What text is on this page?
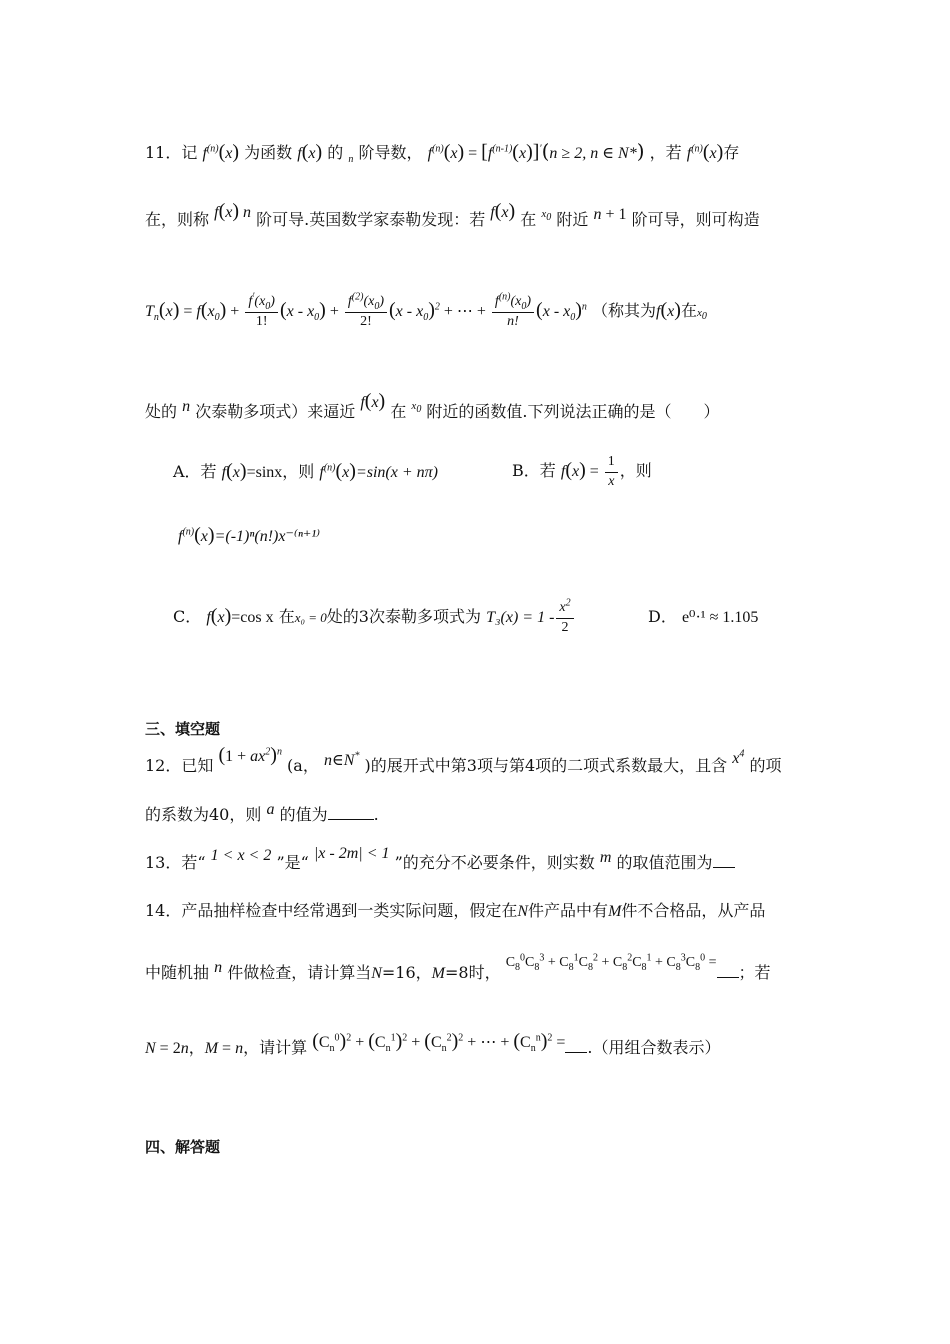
11．记 $f^{(n)}(x)$ 为函数 f(x) 的 $_n$ 阶导数， $f^{(n)}(x) = [f^{(n-1)}(x)]'(n \ge 2$, n ∈ N*) ，若 $f^{(n)}(x)$存
在，则称 f(x) n 阶可导.英国数学家泰勒发现：若 f(x) 在 $^{x_0}$ 附近 n + 1 阶可导，则可构造
$T_n(x) = f(x_0) + \frac{f'(x_0)}{1!} (x - x_0) + \frac{f^{(2)}(x_0)}{2!} (x - x_0)^2$ + ⋯ + $\frac{f^{(n)}(x_0)}{n!} (x - x_0)^n$ （称其为f(x)在$x_0$
处的 n 次泰勒多项式）来逼近 f(x) 在 $^{x_0}$ 附近的函数值.下列说法正确的是（　　）
A．若 f(x)=sinx，则 $f^{(n)}(x)=\sin(x + n\pi)$	B．若 $f(x) = \frac{1}{x}$ ，则
$f^{(n)}(x)=(-1)^n(n!)x^{-(n+1)}$
C． f(x)=cos x 在x₀ = 0处的3次泰勒多项式为 $T_3(x) = 1 - \frac{x^2}{2}$	D． e⁰·¹ ≈ 1.105
三、填空题
12．已知 $(1 + ax^2)^n$ (a， n∈N* )的展开式中第3项与第4项的二项式系数最大，且含 $x^4$ 的项
的系数为40，则 a 的值为	.
13．若“ 1 < x < 2 ”是“ |x - 2m| < 1 ”的充分不必要条件，则实数 m 的取值范围为
14．产品抽样检查中经常遇到一类实际问题，假定在N件产品中有M件不合格品，从产品
中随机抽 n 件做检查，请计算当N=16，M=8时， $C_8^0C_8^3 + C_8^1C_8^2 + C_8^2C_8^1 + C_8^3C_8^0$ =；若
N = 2n，M = n，请计算 $(C_n^0)^2 + (C_n^1)^2 + (C_n^2)^2$ + ⋯ + $(C_n^n)^2$ = .（用组合数表示）
四、解答题
